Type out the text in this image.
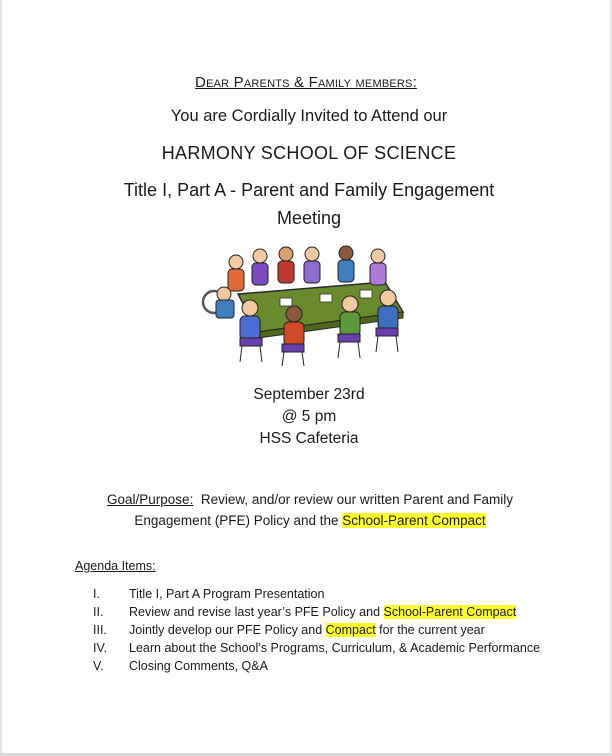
Dear Parents & Family members:
You are Cordially Invited to Attend our
HARMONY SCHOOL OF SCIENCE
Title I, Part A - Parent and Family Engagement
Meeting
September 23rd
@ 5 pm
HSS Cafeteria
Goal/Purpose: Review, and/or review our written Parent and Family Engagement (PFE) Policy and the School-Parent Compact
Agenda Items:
I. Title I, Part A Program Presentation
II. Review and revise last year’s PFE Policy and School-Parent Compact
III. Jointly develop our PFE Policy and Compact for the current year
IV. Learn about the School’s Programs, Curriculum, & Academic Performance
V. Closing Comments, Q&A
